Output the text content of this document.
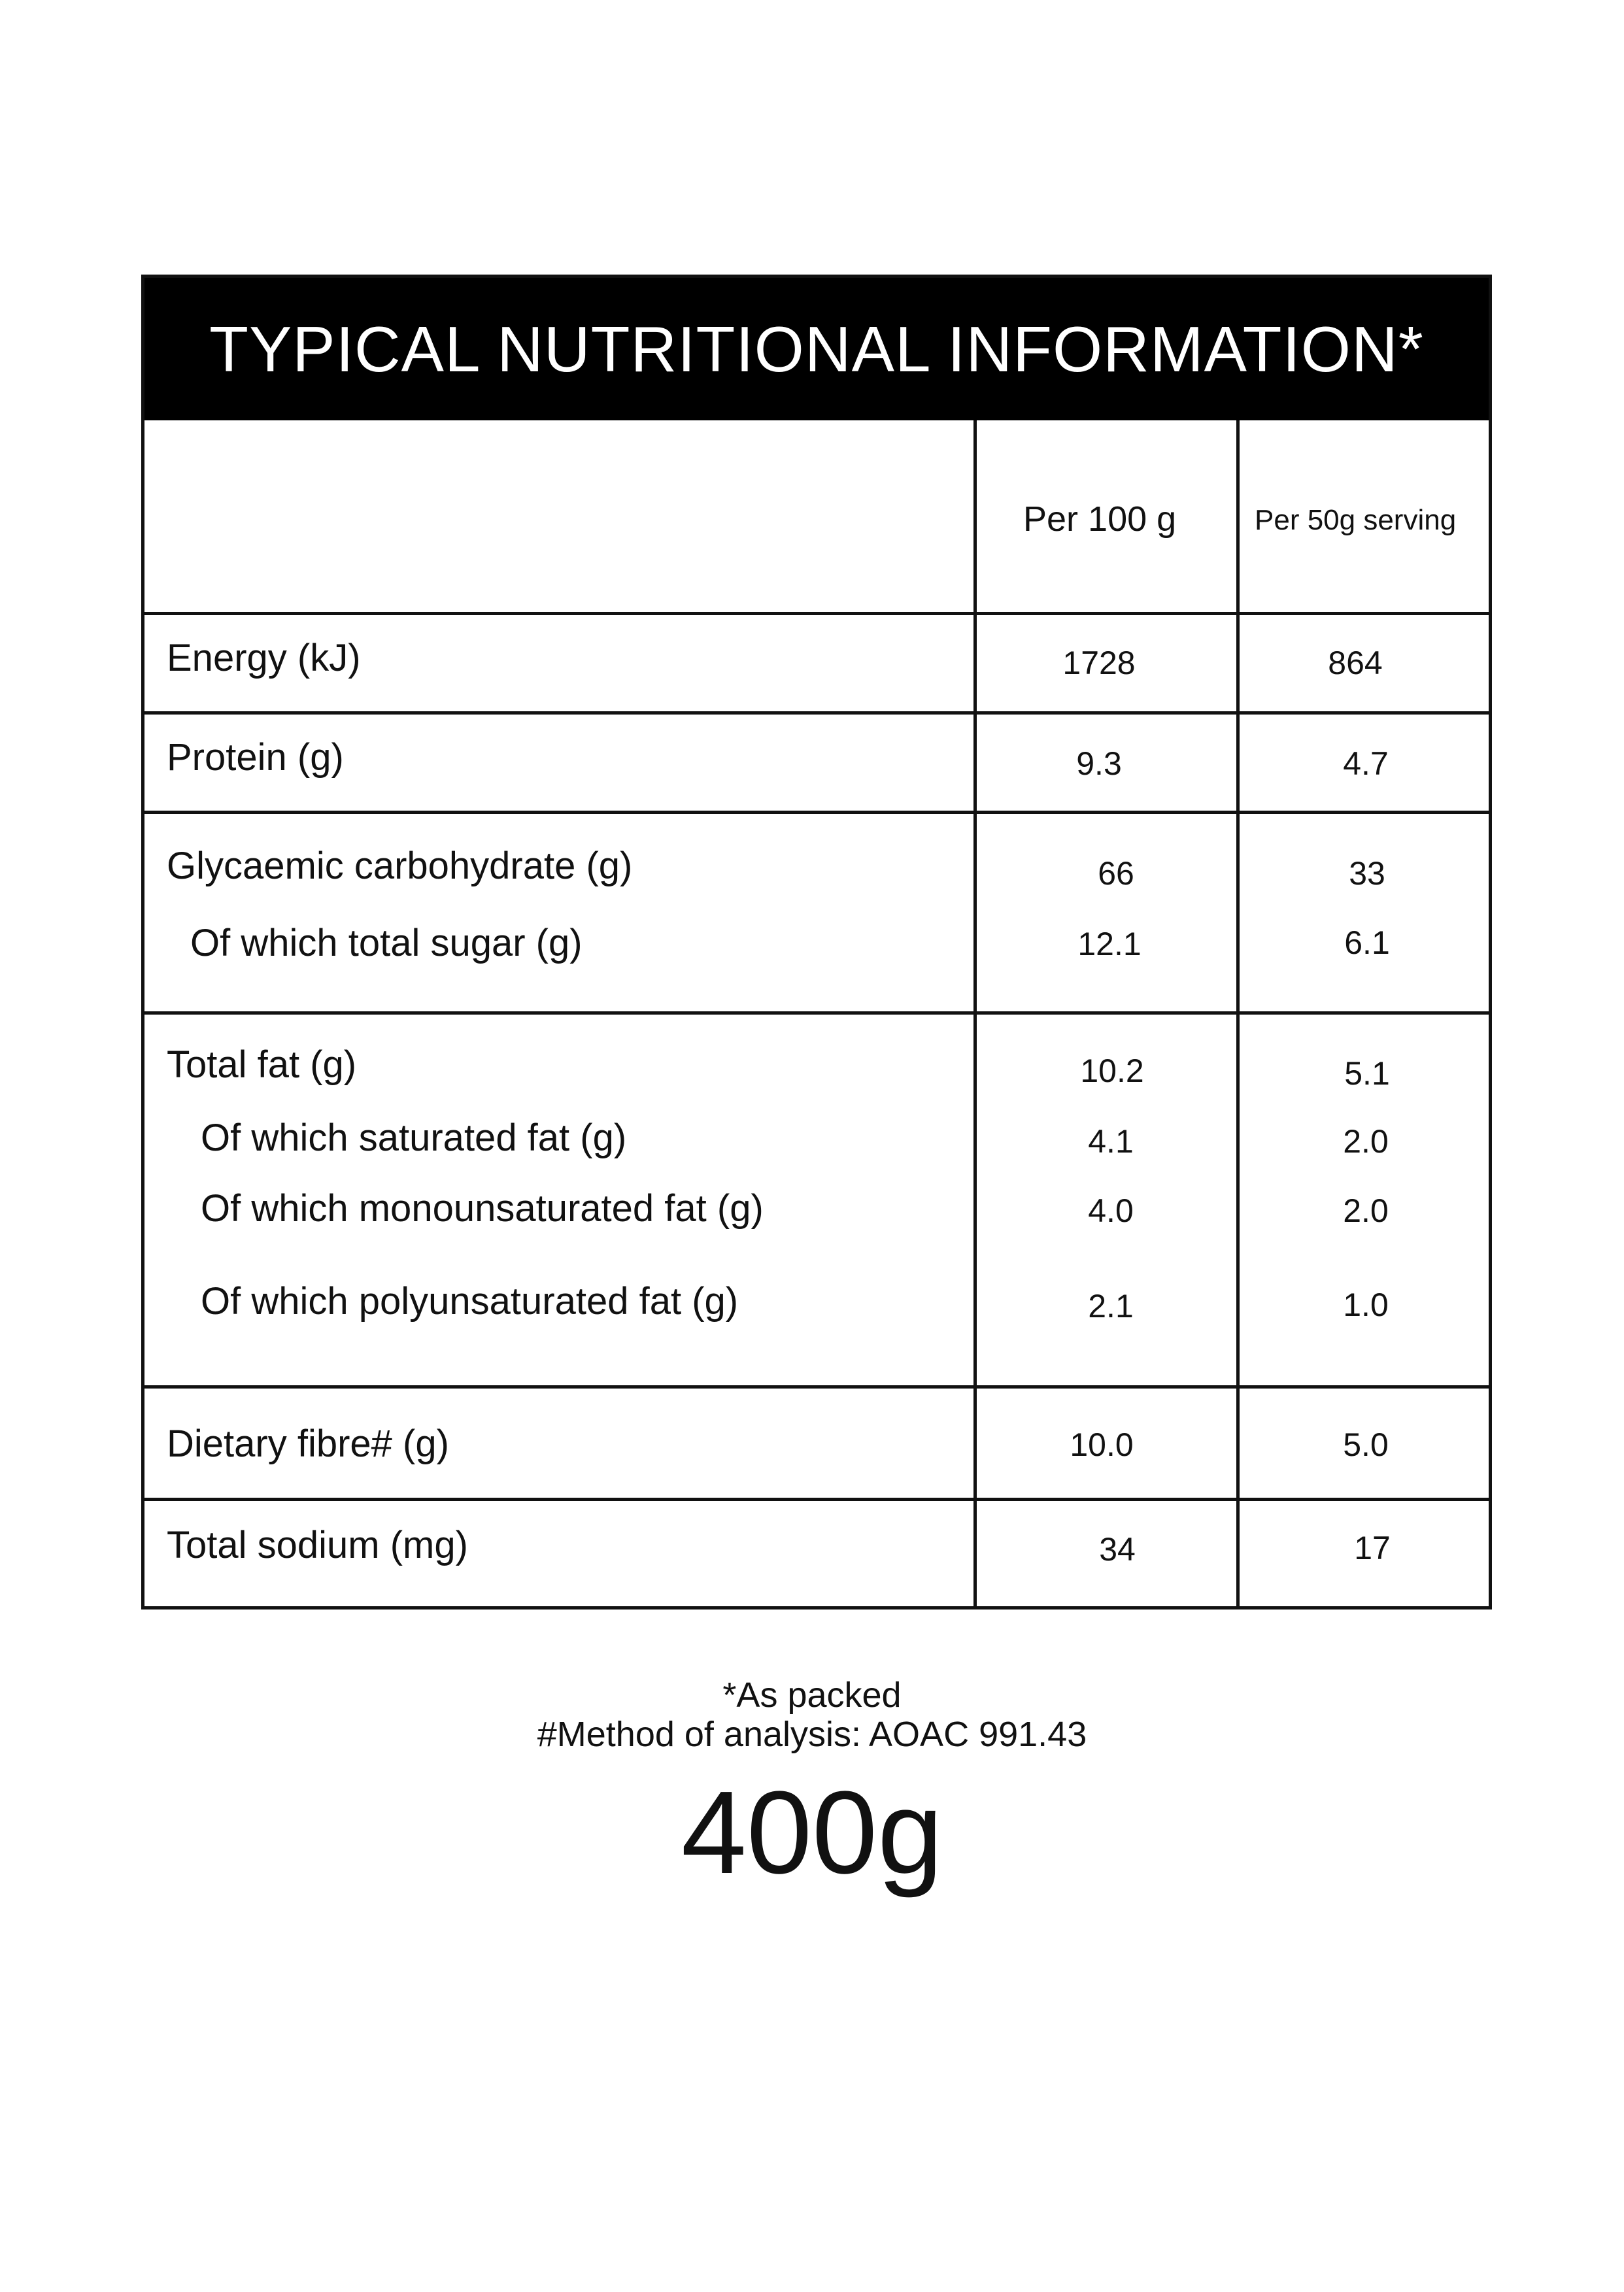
TYPICAL NUTRITIONAL INFORMATION*
Per 100 g	Per 50g serving
Energy (kJ)
Protein (g)
Glycaemic carbohydrate (g)
Of which total sugar (g)
Total fat (g)
Of which saturated fat (g)
Of which monounsaturated fat (g)
Of which polyunsaturated fat (g)
Dietary fibre# (g)
Total sodium (mg)
1728
9.3
66
12.1
10.2
4.1
4.0
2.1
10.0
34
864
4.7
33
6.1
5.1
2.0
2.0
1.0
5.0
17
*As packed
#Method of analysis: AOAC 991.43
400g
